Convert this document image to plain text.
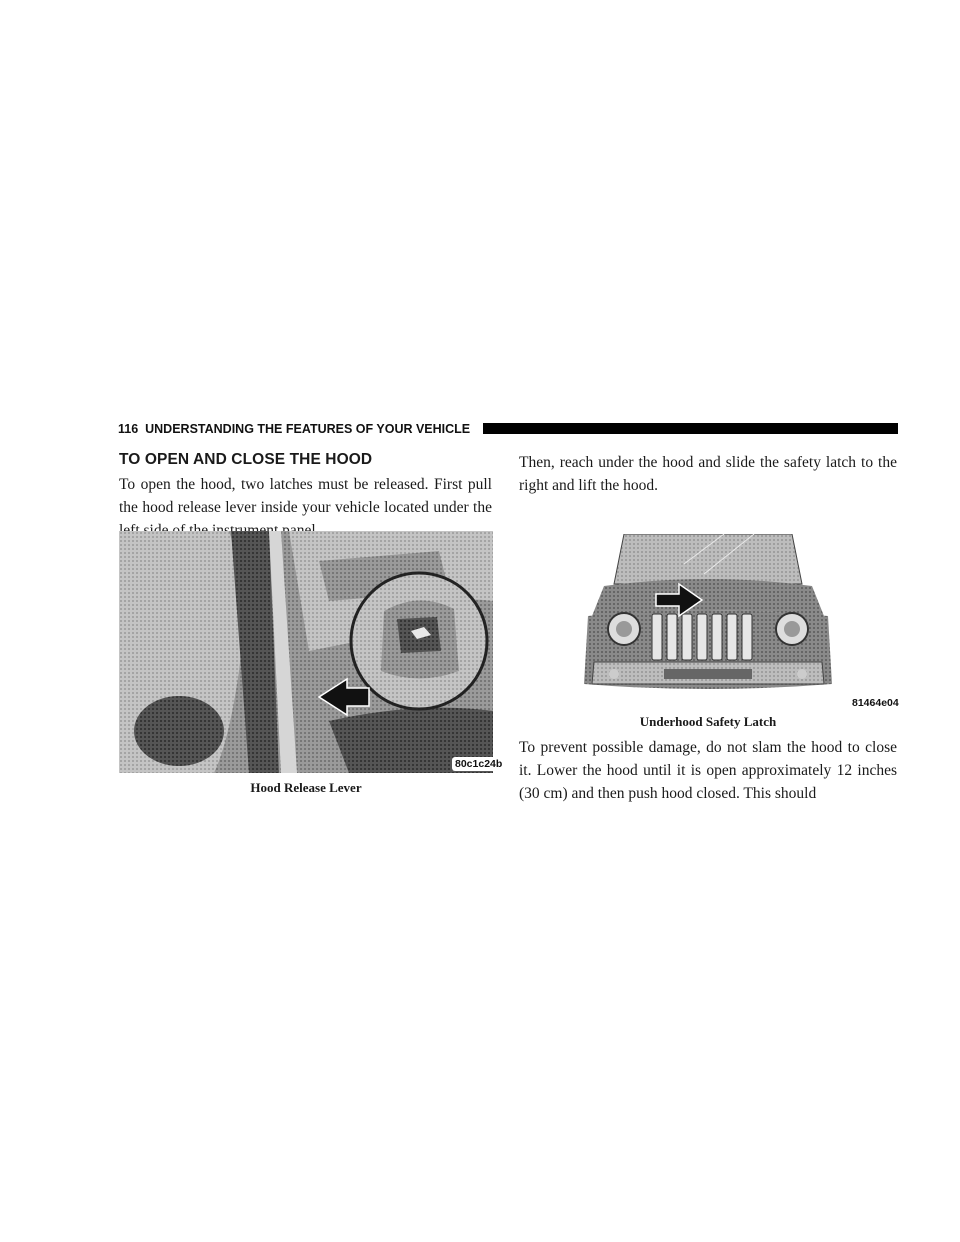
116 UNDERSTANDING THE FEATURES OF YOUR VEHICLE
TO OPEN AND CLOSE THE HOOD

To open the hood, two latches must be released. First pull the hood release lever inside your vehicle located under the

80c1c24b
Hood Release Lever

Then, reach under the hood and slide the safety latch to the right and lift the hood.

81464e04
Underhood Safety Latch

To prevent possible damage, do not slam the hood to close it. Lower the hood until it is open approximately 12 inches (30 cm) and then push hood closed. This should
